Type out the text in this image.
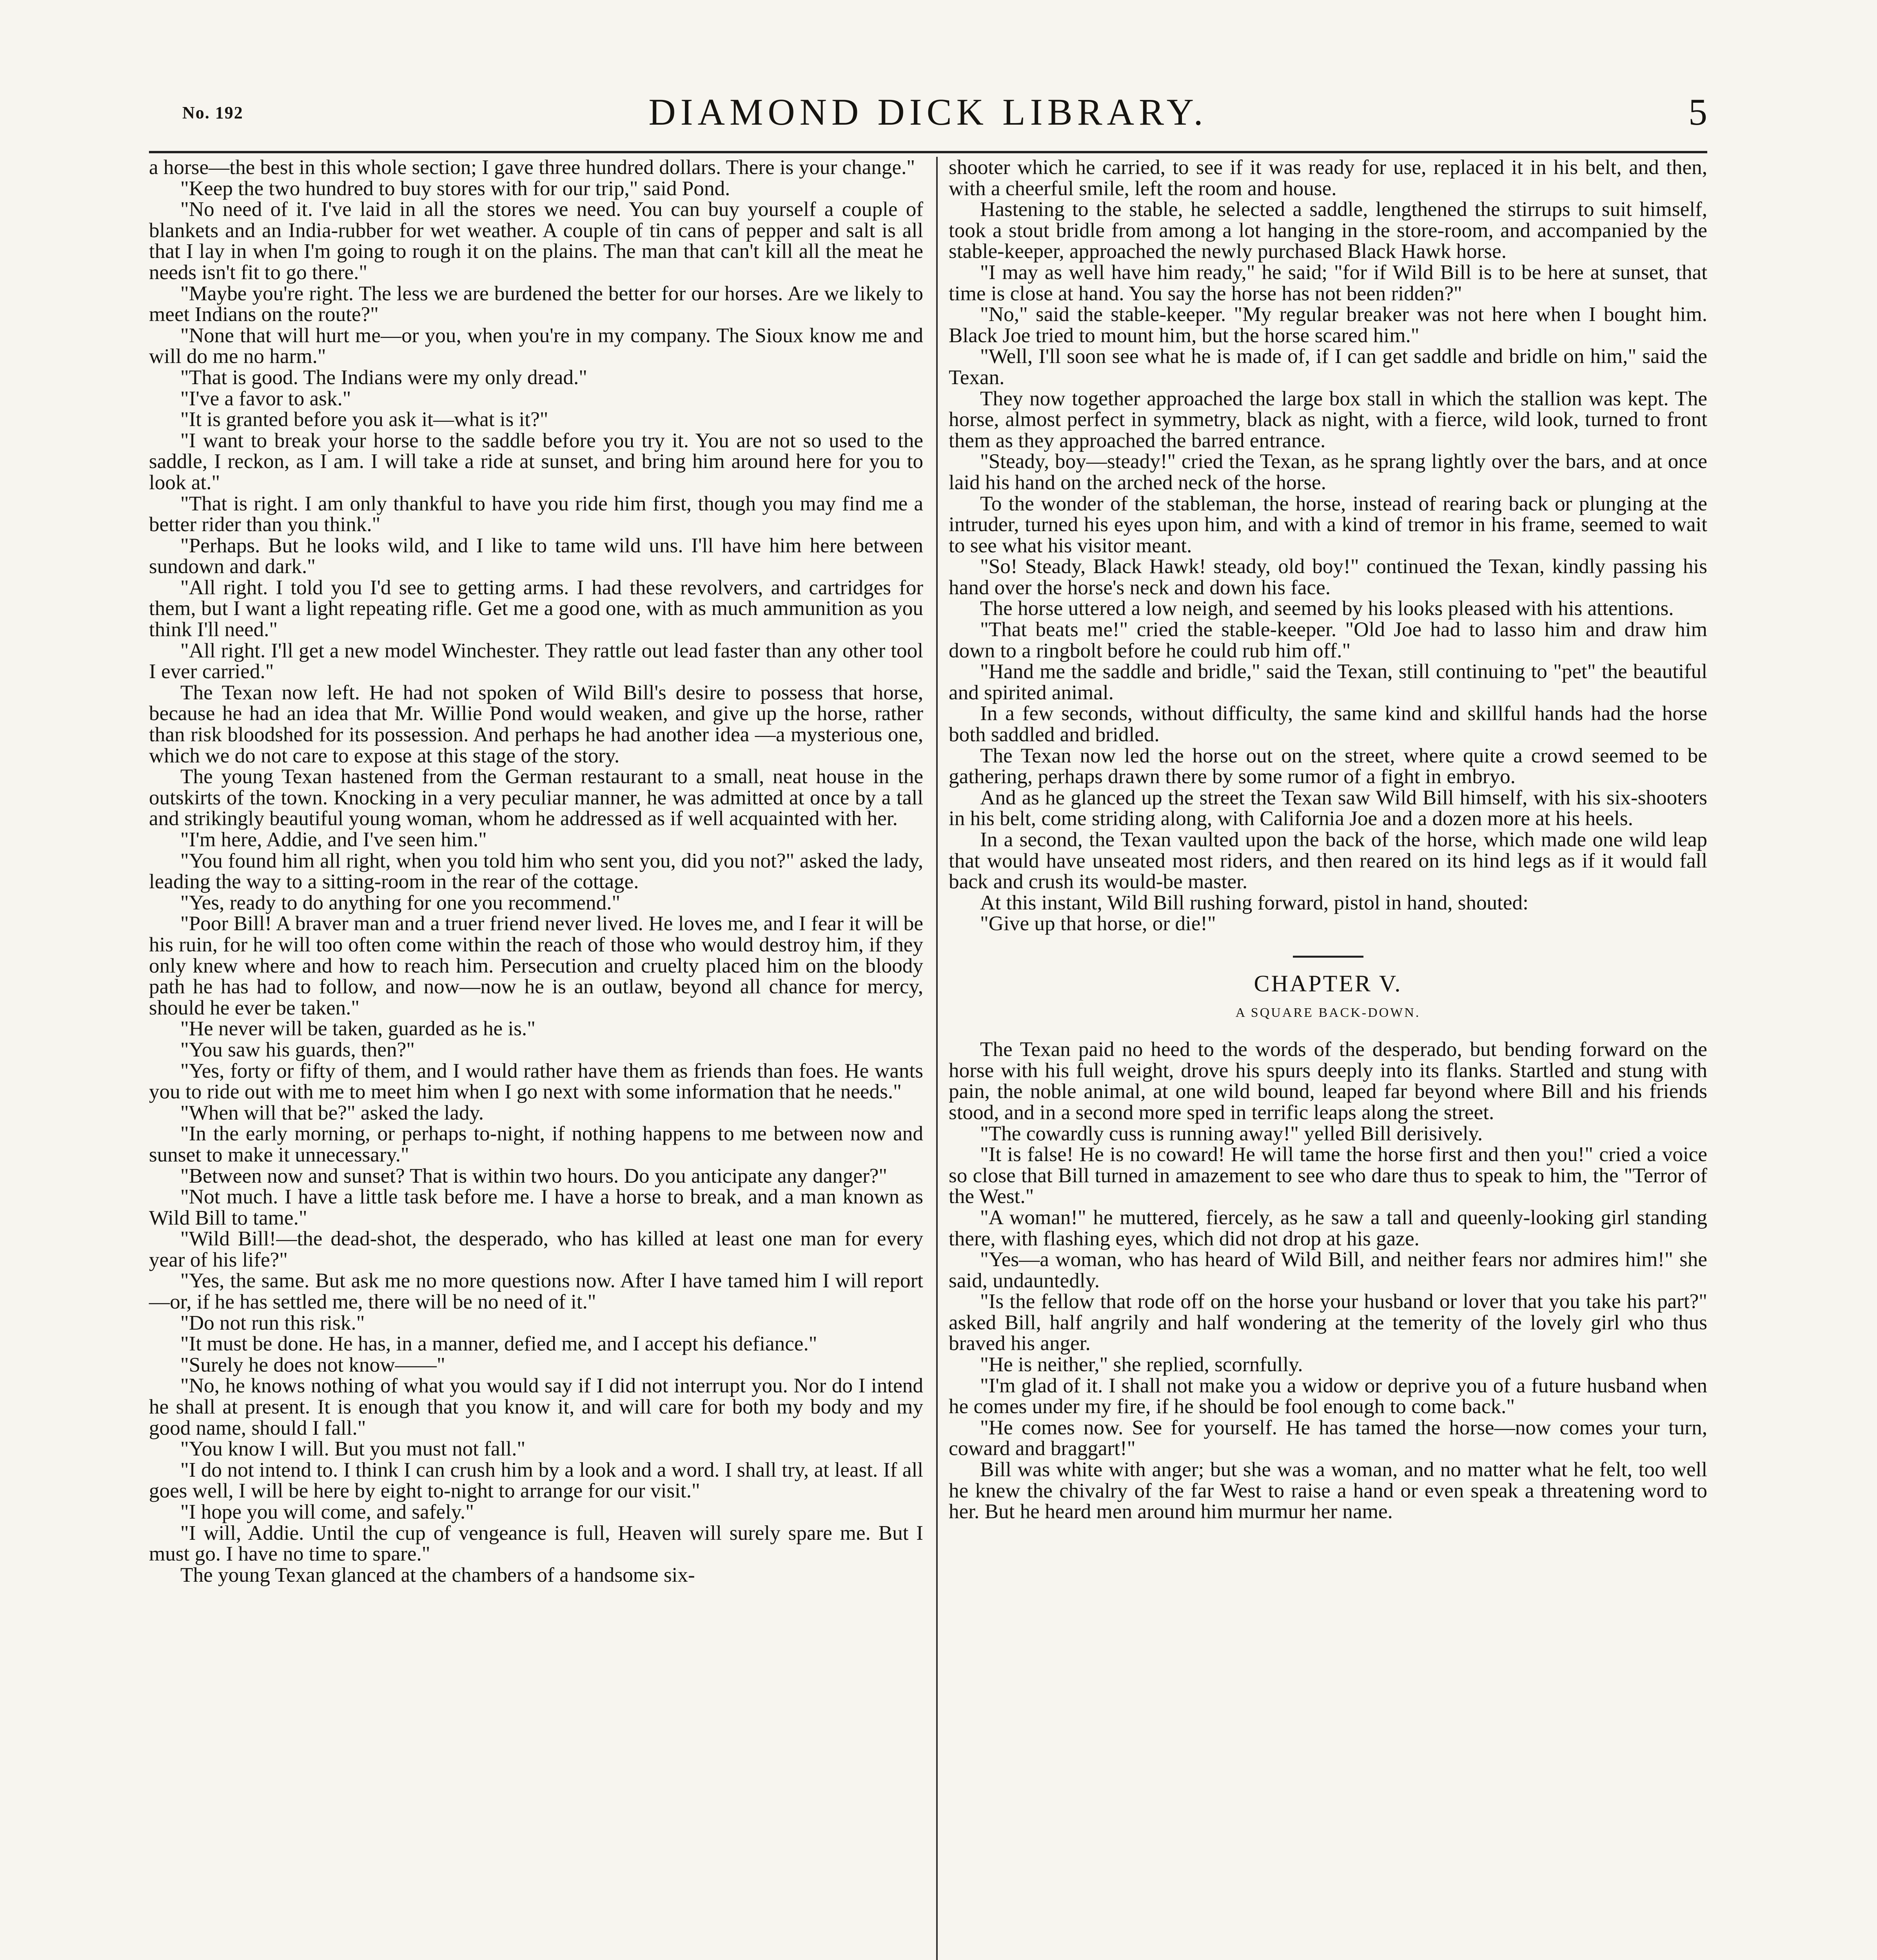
No. 192	DIAMOND DICK LIBRARY.	5

a horse—the best in this whole section; I gave three hundred dollars. There is your change."

"Keep the two hundred to buy stores with for our trip," said Pond.

"No need of it. I've laid in all the stores we need. You can buy yourself a couple of blankets and an India-rubber for wet weather. A couple of tin cans of pepper and salt is all that I lay in when I'm going to rough it on the plains. The man that can't kill all the meat he needs isn't fit to go there."

"Maybe you're right. The less we are burdened the better for our horses. Are we likely to meet Indians on the route?"

"None that will hurt me—or you, when you're in my company. The Sioux know me and will do me no harm."

"That is good. The Indians were my only dread."

"I've a favor to ask."

"It is granted before you ask it—what is it?"

"I want to break your horse to the saddle before you try it. You are not so used to the saddle, I reckon, as I am. I will take a ride at sunset, and bring him around here for you to look at."

"That is right. I am only thankful to have you ride him first, though you may find me a better rider than you think."

"Perhaps. But he looks wild, and I like to tame wild uns. I'll have him here between sundown and dark."

"All right. I told you I'd see to getting arms. I had these revolvers, and cartridges for them, but I want a light repeating rifle. Get me a good one, with as much ammunition as you think I'll need."

"All right. I'll get a new model Winchester. They rattle out lead faster than any other tool I ever carried."

The Texan now left. He had not spoken of Wild Bill's desire to possess that horse, because he had an idea that Mr. Willie Pond would weaken, and give up the horse, rather than risk bloodshed for its possession. And perhaps he had another idea —a mysterious one, which we do not care to expose at this stage of the story.

The young Texan hastened from the German restaurant to a small, neat house in the outskirts of the town. Knocking in a very peculiar manner, he was admitted at once by a tall and strikingly beautiful young woman, whom he addressed as if well acquainted with her.

"I'm here, Addie, and I've seen him."

"You found him all right, when you told him who sent you, did you not?" asked the lady, leading the way to a sitting-room in the rear of the cottage.

"Yes, ready to do anything for one you recommend."

"Poor Bill! A braver man and a truer friend never lived. He loves me, and I fear it will be his ruin, for he will too often come within the reach of those who would destroy him, if they only knew where and how to reach him. Persecution and cruelty placed him on the bloody path he has had to follow, and now—now he is an outlaw, beyond all chance for mercy, should he ever be taken."

"He never will be taken, guarded as he is."

"You saw his guards, then?"

"Yes, forty or fifty of them, and I would rather have them as friends than foes. He wants you to ride out with me to meet him when I go next with some information that he needs."

"When will that be?" asked the lady.

"In the early morning, or perhaps to-night, if nothing happens to me between now and sunset to make it unnecessary."

"Between now and sunset? That is within two hours. Do you anticipate any danger?"

"Not much. I have a little task before me. I have a horse to break, and a man known as Wild Bill to tame."

"Wild Bill!—the dead-shot, the desperado, who has killed at least one man for every year of his life?"

"Yes, the same. But ask me no more questions now. After I have tamed him I will report—or, if he has settled me, there will be no need of it."

"Do not run this risk."

"It must be done. He has, in a manner, defied me, and I accept his defiance."

"Surely he does not know——"

"No, he knows nothing of what you would say if I did not interrupt you. Nor do I intend he shall at present. It is enough that you know it, and will care for both my body and my good name, should I fall."

"You know I will. But you must not fall."

"I do not intend to. I think I can crush him by a look and a word. I shall try, at least. If all goes well, I will be here by eight to-night to arrange for our visit."

"I hope you will come, and safely."

"I will, Addie. Until the cup of vengeance is full, Heaven will surely spare me. But I must go. I have no time to spare."

The young Texan glanced at the chambers of a handsome six-

shooter which he carried, to see if it was ready for use, replaced it in his belt, and then, with a cheerful smile, left the room and house.

Hastening to the stable, he selected a saddle, lengthened the stirrups to suit himself, took a stout bridle from among a lot hanging in the store-room, and accompanied by the stable-keeper, approached the newly purchased Black Hawk horse.

"I may as well have him ready," he said; "for if Wild Bill is to be here at sunset, that time is close at hand. You say the horse has not been ridden?"

"No," said the stable-keeper. "My regular breaker was not here when I bought him. Black Joe tried to mount him, but the horse scared him."

"Well, I'll soon see what he is made of, if I can get saddle and bridle on him," said the Texan.

They now together approached the large box stall in which the stallion was kept. The horse, almost perfect in symmetry, black as night, with a fierce, wild look, turned to front them as they approached the barred entrance.

"Steady, boy—steady!" cried the Texan, as he sprang lightly over the bars, and at once laid his hand on the arched neck of the horse.

To the wonder of the stableman, the horse, instead of rearing back or plunging at the intruder, turned his eyes upon him, and with a kind of tremor in his frame, seemed to wait to see what his visitor meant.

"So! Steady, Black Hawk! steady, old boy!" continued the Texan, kindly passing his hand over the horse's neck and down his face.

The horse uttered a low neigh, and seemed by his looks pleased with his attentions.

"That beats me!" cried the stable-keeper. "Old Joe had to lasso him and draw him down to a ringbolt before he could rub him off."

"Hand me the saddle and bridle," said the Texan, still continuing to "pet" the beautiful and spirited animal.

In a few seconds, without difficulty, the same kind and skillful hands had the horse both saddled and bridled.

The Texan now led the horse out on the street, where quite a crowd seemed to be gathering, perhaps drawn there by some rumor of a fight in embryo.

And as he glanced up the street the Texan saw Wild Bill himself, with his six-shooters in his belt, come striding along, with California Joe and a dozen more at his heels.

In a second, the Texan vaulted upon the back of the horse, which made one wild leap that would have unseated most riders, and then reared on its hind legs as if it would fall back and crush its would-be master.

At this instant, Wild Bill rushing forward, pistol in hand, shouted:

"Give up that horse, or die!"

CHAPTER V.
A SQUARE BACK-DOWN.

The Texan paid no heed to the words of the desperado, but bending forward on the horse with his full weight, drove his spurs deeply into its flanks. Startled and stung with pain, the noble animal, at one wild bound, leaped far beyond where Bill and his friends stood, and in a second more sped in terrific leaps along the street.

"The cowardly cuss is running away!" yelled Bill derisively.

"It is false! He is no coward! He will tame the horse first and then you!" cried a voice so close that Bill turned in amazement to see who dare thus to speak to him, the "Terror of the West."

"A woman!" he muttered, fiercely, as he saw a tall and queenly-looking girl standing there, with flashing eyes, which did not drop at his gaze.

"Yes—a woman, who has heard of Wild Bill, and neither fears nor admires him!" she said, undauntedly.

"Is the fellow that rode off on the horse your husband or lover that you take his part?" asked Bill, half angrily and half wondering at the temerity of the lovely girl who thus braved his anger.

"He is neither," she replied, scornfully.

"I'm glad of it. I shall not make you a widow or deprive you of a future husband when he comes under my fire, if he should be fool enough to come back."

"He comes now. See for yourself. He has tamed the horse—now comes your turn, coward and braggart!"

Bill was white with anger; but she was a woman, and no matter what he felt, too well he knew the chivalry of the far West to raise a hand or even speak a threatening word to her. But he heard men around him murmur her name.
